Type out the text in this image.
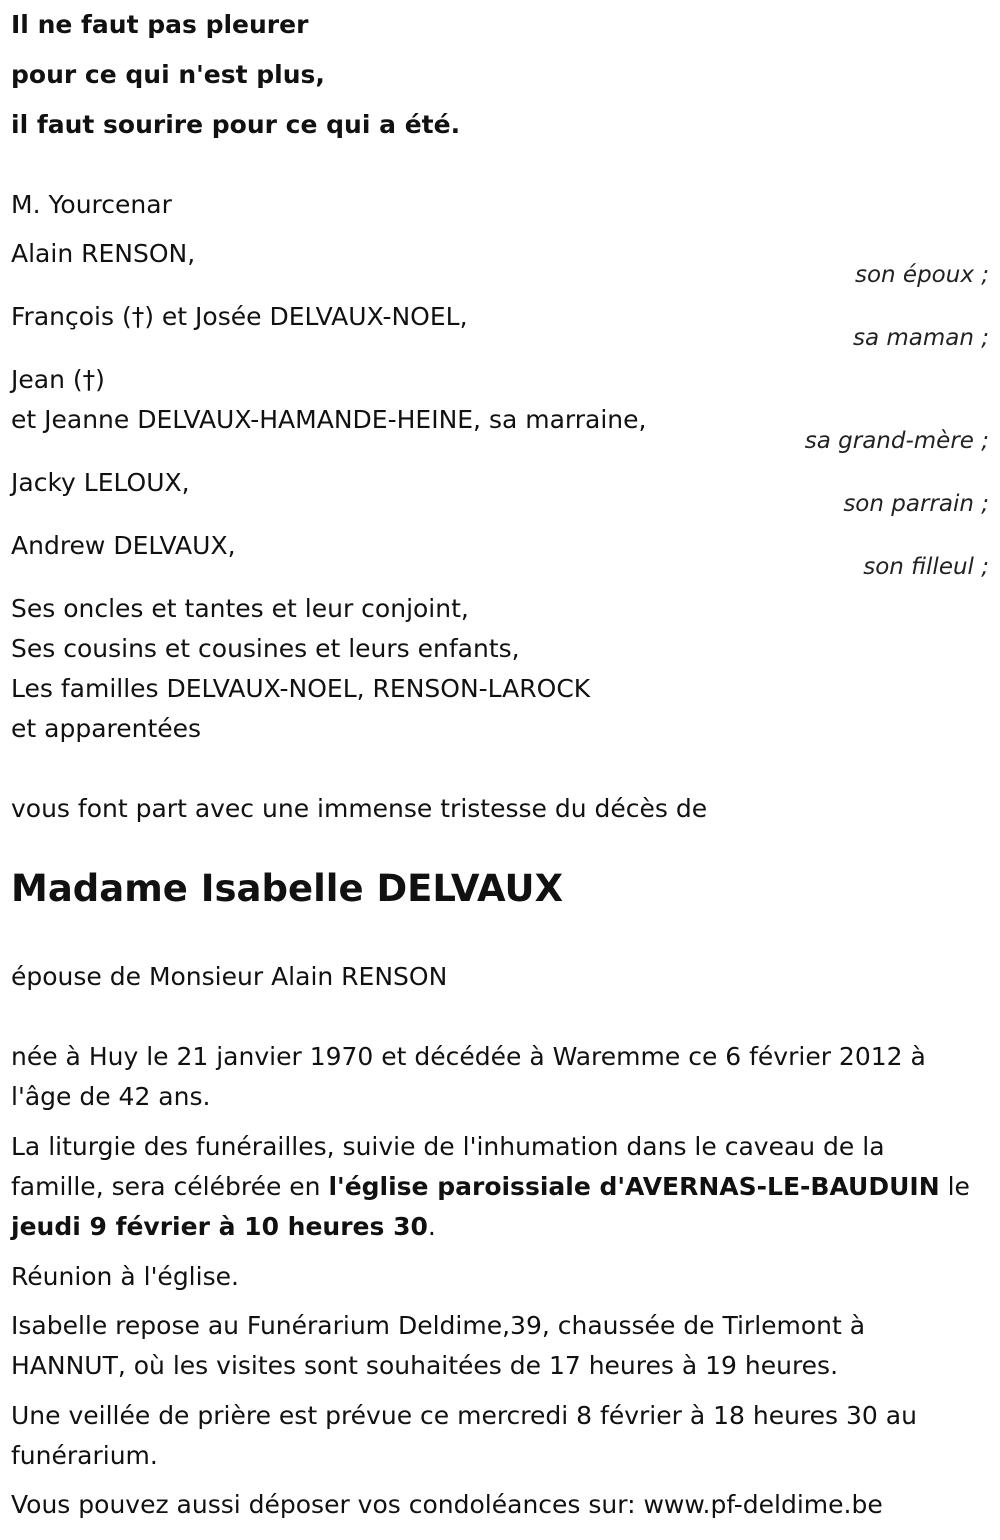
Il ne faut pas pleurer
pour ce qui n'est plus,
il faut sourire pour ce qui a été.
M. Yourcenar
Alain RENSON,
son époux ;
François (†) et Josée DELVAUX-NOEL,
sa maman ;
Jean (†)
et Jeanne DELVAUX-HAMANDE-HEINE, sa marraine,
sa grand-mère ;
Jacky LELOUX,
son parrain ;
Andrew DELVAUX,
son filleul ;
Ses oncles et tantes et leur conjoint,
Ses cousins et cousines et leurs enfants,
Les familles DELVAUX-NOEL, RENSON-LAROCK
et apparentées
vous font part avec une immense tristesse du décès de
Madame Isabelle DELVAUX
épouse de Monsieur Alain RENSON
née à Huy le 21 janvier 1970 et décédée à Waremme ce 6 février 2012 à
l'âge de 42 ans.
La liturgie des funérailles, suivie de l'inhumation dans le caveau de la
famille, sera célébrée en l'église paroissiale d'AVERNAS-LE-BAUDUIN le
jeudi 9 février à 10 heures 30.
Réunion à l'église.
Isabelle repose au Funérarium Deldime,39, chaussée de Tirlemont à
HANNUT, où les visites sont souhaitées de 17 heures à 19 heures.
Une veillée de prière est prévue ce mercredi 8 février à 18 heures 30 au
funérarium.
Vous pouvez aussi déposer vos condoléances sur: www.pf-deldime.be
